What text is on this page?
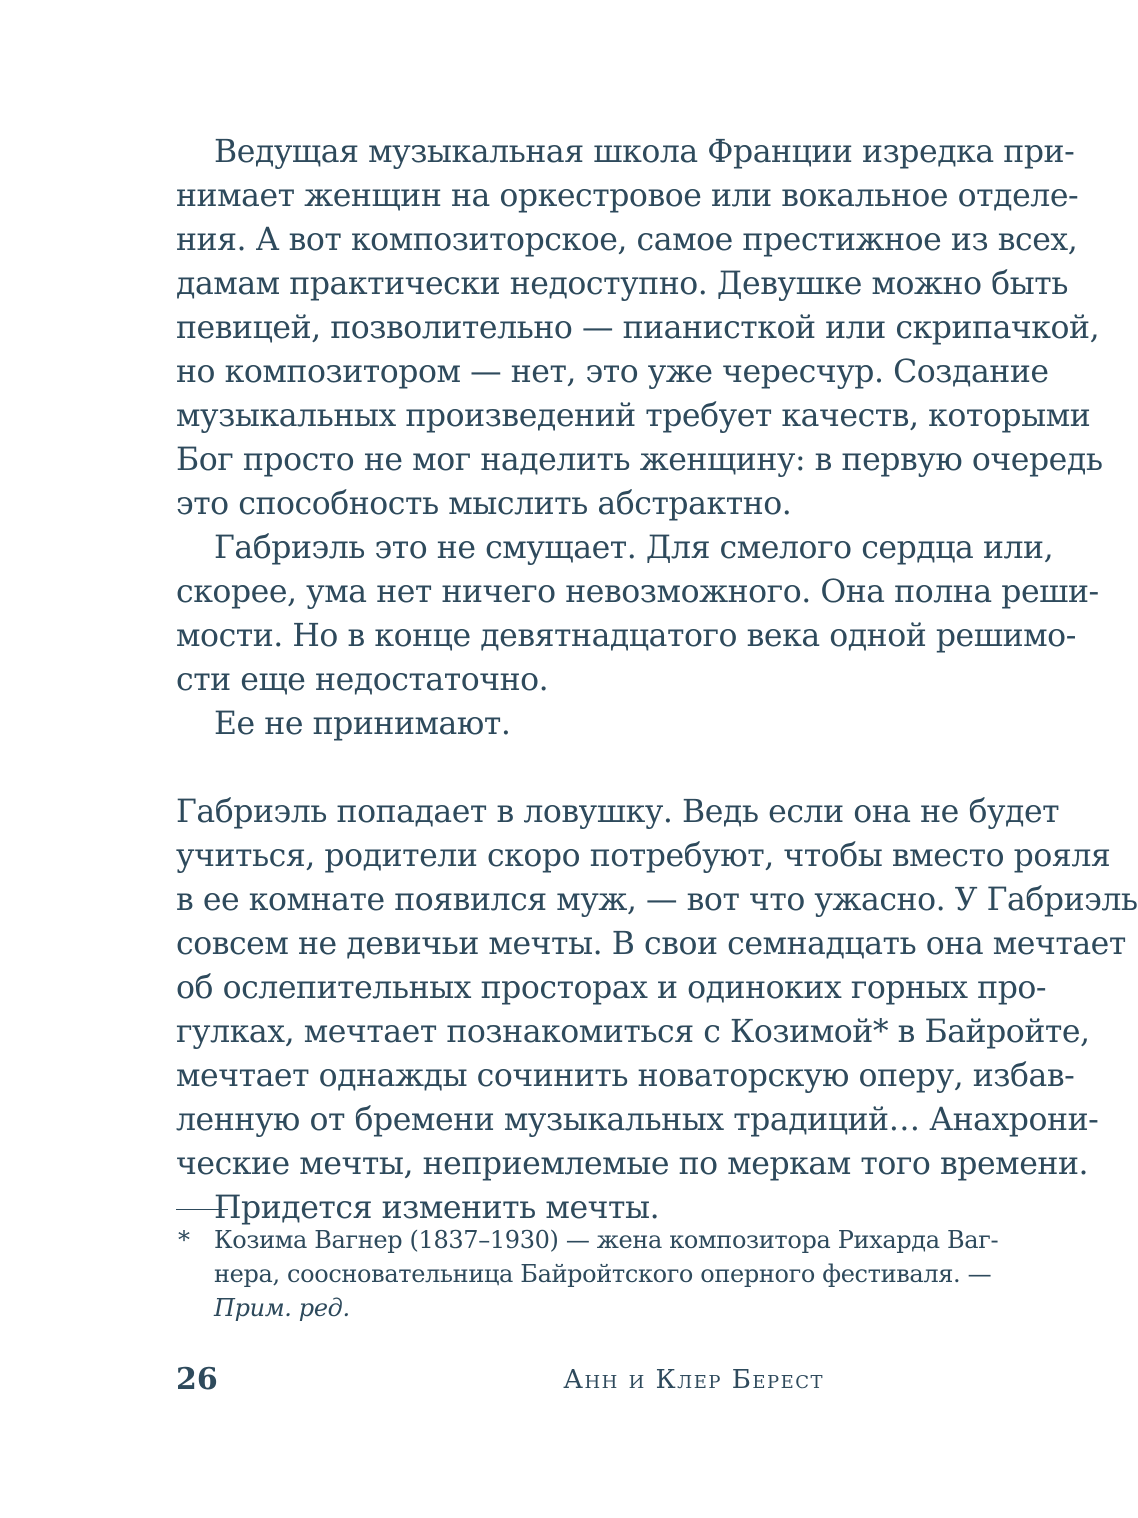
Ведущая музыкальная школа Франции изредка при-
нимает женщин на оркестровое или вокальное отделе-
ния. А вот композиторское, самое престижное из всех,
дамам практически недоступно. Девушке можно быть
певицей, позволительно — пианисткой или скрипачкой,
но композитором — нет, это уже чересчур. Создание
музыкальных произведений требует качеств, которыми
Бог просто не мог наделить женщину: в первую очередь
это способность мыслить абстрактно.
Габриэль это не смущает. Для смелого сердца или,
скорее, ума нет ничего невозможного. Она полна реши-
мости. Но в конце девятнадцатого века одной решимо-
сти еще недостаточно.
Ее не принимают.
Габриэль попадает в ловушку. Ведь если она не будет
учиться, родители скоро потребуют, чтобы вместо рояля
в ее комнате появился муж, — вот что ужасно. У Габриэль
совсем не девичьи мечты. В свои семнадцать она мечтает
об ослепительных просторах и одиноких горных про-
гулках, мечтает познакомиться с Козимой* в Байройте,
мечтает однажды сочинить новаторскую оперу, избав-
ленную от бремени музыкальных традиций… Анахрони-
ческие мечты, неприемлемые по меркам того времени.
Придется изменить мечты.
* Козима Вагнер (1837–1930) — жена композитора Рихарда Ваг-
нера, соосновательница Байройтского оперного фестиваля. —
Прим. ред.
26	Анн и Клер Берест
